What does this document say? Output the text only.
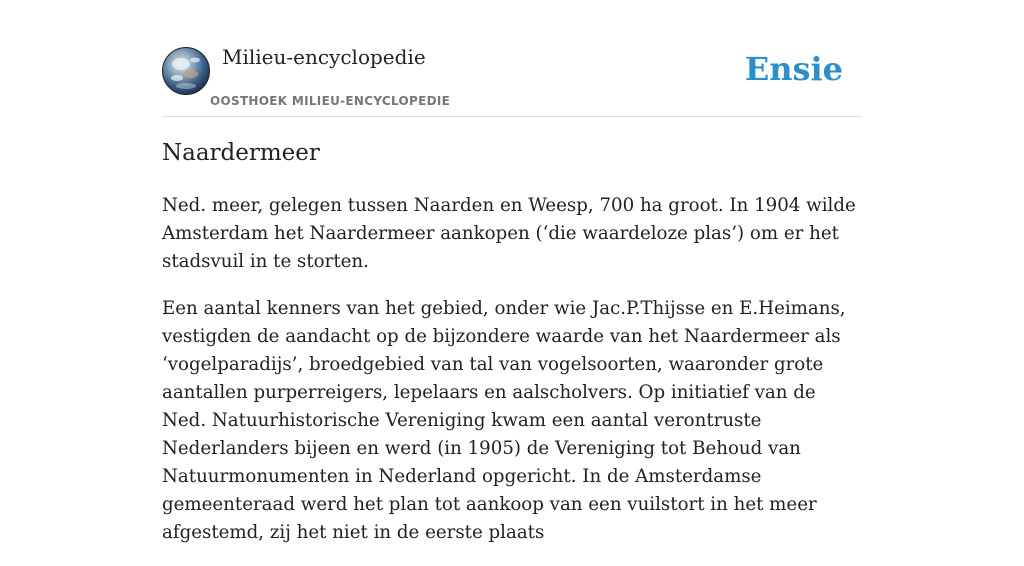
Milieu-encyclopedie
OOSTHOEK MILIEU-ENCYCLOPEDIE
Ensie
Naardermeer

Ned. meer, gelegen tussen Naarden en Weesp, 700 ha groot. In 1904 wilde Amsterdam het Naardermeer aankopen (‘die waardeloze plas’) om er het stadsvuil in te storten.

Een aantal kenners van het gebied, onder wie Jac.P.Thijsse en E.Heimans, vestigden de aandacht op de bijzondere waarde van het Naardermeer als ‘vogelparadijs’, broedgebied van tal van vogelsoorten, waaronder grote aantallen purperreigers, lepelaars en aalscholvers. Op initiatief van de Ned. Natuurhistorische Vereniging kwam een aantal verontruste Nederlanders bijeen en werd (in 1905) de Vereniging tot Behoud van Natuurmonumenten in Nederland opgericht. In de Amsterdamse gemeenteraad werd het plan tot aankoop van een vuilstort in het meer afgestemd, zij het niet in de eerste plaats
